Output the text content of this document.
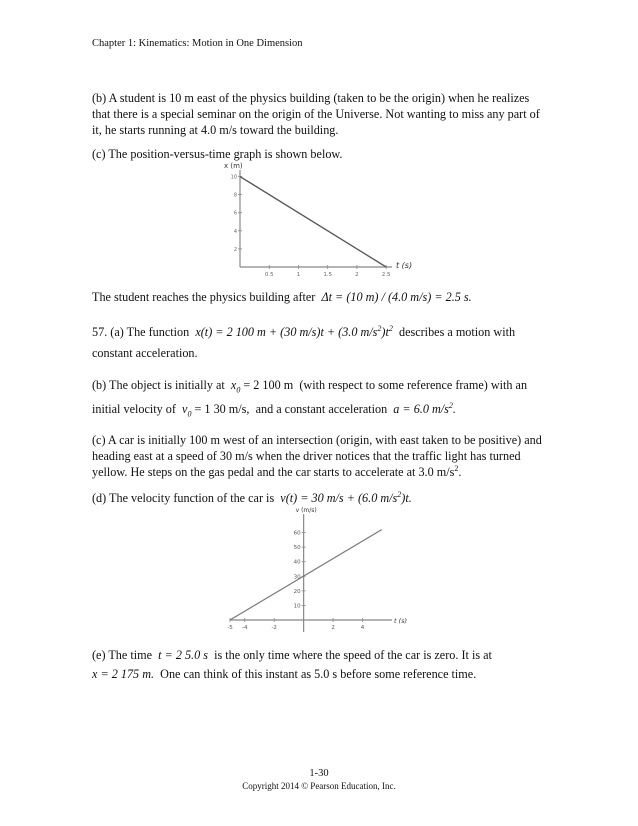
Chapter 1: Kinematics: Motion in One Dimension
(b) A student is 10 m east of the physics building (taken to be the origin) when he realizes that there is a special seminar on the origin of the Universe. Not wanting to miss any part of it, he starts running at 4.0 m/s toward the building.
(c) The position-versus-time graph is shown below.
x (m)
t (s)
2
4
6
8
10
0.5	1	1.5	2	2.5
The student reaches the physics building after Δt = (10 m) / (4.0 m/s) = 2.5 s.
57. (a) The function x(t) = 2 100 m + (30 m/s)t + (3.0 $m/s^2)t^2$ describes a motion with
constant acceleration.
(b) The object is initially at $x_0 = 2$ 100 m (with respect to some reference frame) with an
initial velocity of $v_0 = 1$ 30 m/s, and a constant acceleration a = 6.0 $m/s^2$.
(c) A car is initially 100 m west of an intersection (origin, with east taken to be positive) and heading east at a speed of 30 m/s when the driver notices that the traffic light has turned yellow. He steps on the gas pedal and the car starts to accelerate at 3.0 $m/s^2$.
(d) The velocity function of the car is v(t) = 30 m/s + (6.0 $m/s^2)t$.
v (m/s)
t (s)
10
20
30
40
50
60
-5 -4	-2	2	4
(e) The time t = 2 5.0 s is the only time where the speed of the car is zero. It is at
x = 2 175 m. One can think of this instant as 5.0 s before some reference time.
1-30
Copyright 2014 © Pearson Education, Inc.
